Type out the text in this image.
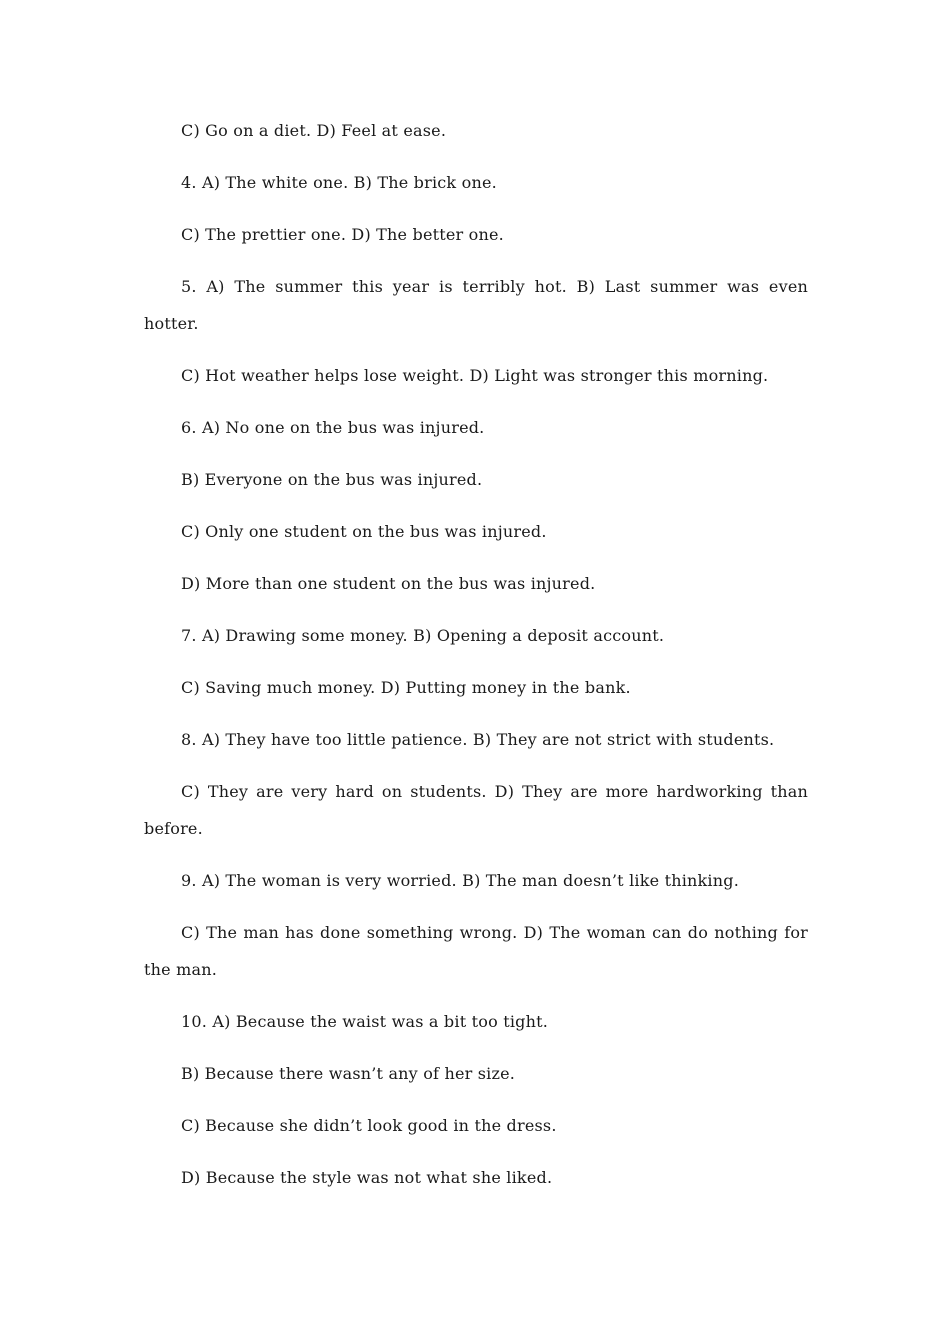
C) Go on a diet. D) Feel at ease.

4. A) The white one. B) The brick one.

C) The prettier one. D) The better one.

5. A) The summer this year is terribly hot. B) Last summer was even hotter.

C) Hot weather helps lose weight. D) Light was stronger this morning.

6. A) No one on the bus was injured.

B) Everyone on the bus was injured.

C) Only one student on the bus was injured.

D) More than one student on the bus was injured.

7. A) Drawing some money. B) Opening a deposit account.

C) Saving much money. D) Putting money in the bank.

8. A) They have too little patience. B) They are not strict with students.

C) They are very hard on students. D) They are more hardworking than before.

9. A) The woman is very worried. B) The man doesn’t like thinking.

C) The man has done something wrong. D) The woman can do nothing for the man.

10. A) Because the waist was a bit too tight.

B) Because there wasn’t any of her size.

C) Because she didn’t look good in the dress.

D) Because the style was not what she liked.
